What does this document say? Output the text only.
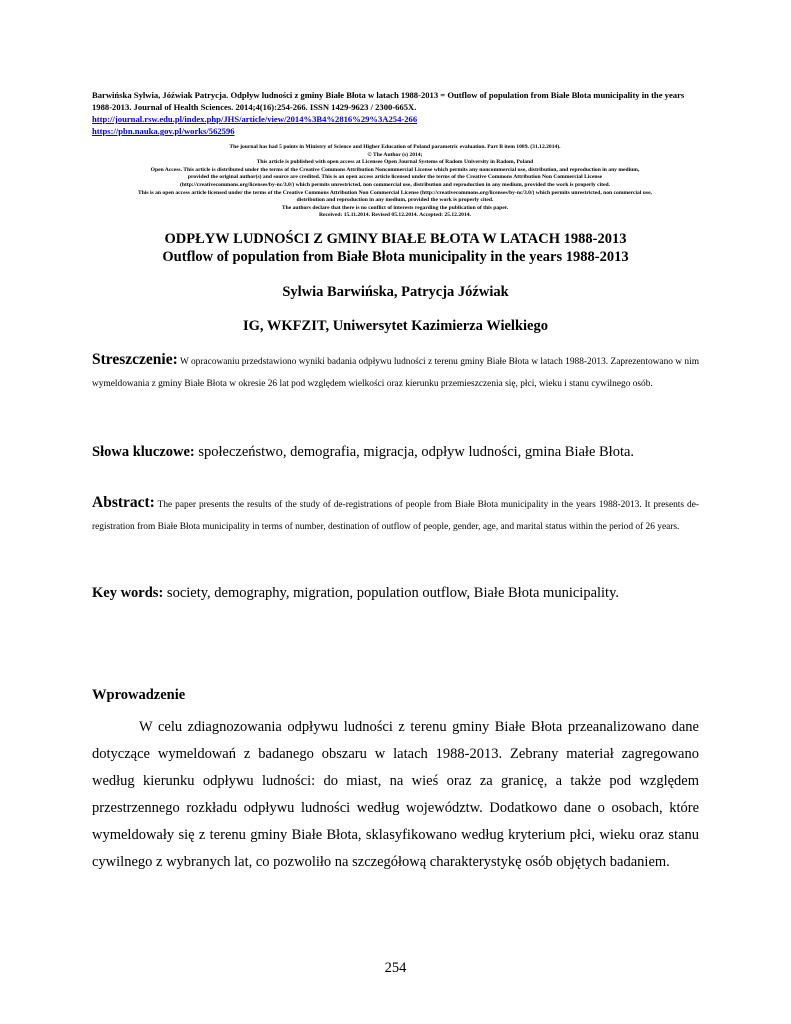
Barwińska Sylwia, Jóźwiak Patrycja. Odpływ ludności z gminy Białe Błota w latach 1988-2013 = Outflow of population from Białe Błota municipality in the years 1988-2013. Journal of Health Sciences. 2014;4(16):254-266. ISSN 1429-9623 / 2300-665X.
http://journal.rsw.edu.pl/index.php/JHS/article/view/2014%3B4%2816%29%3A254-266
https://pbn.nauka.gov.pl/works/562596
The journal has had 5 points in Ministry of Science and Higher Education of Poland parametric evaluation. Part B item 1089. (31.12.2014).
© The Author (s) 2014;
This article is published with open access at Licensee Open Journal Systems of Radom University in Radom, Poland
Open Access. This article is distributed under the terms of the Creative Commons Attribution Noncommercial License which permits any noncommercial use, distribution, and reproduction in any medium,
provided the original author(s) and source are credited. This is an open access article licensed under the terms of the Creative Commons Attribution Non Commercial License
(http://creativecommons.org/licenses/by-nc/3.0/) which permits unrestricted, non commercial use, distribution and reproduction in any medium, provided the work is properly cited.
This is an open access article licensed under the terms of the Creative Commons Attribution Non Commercial License (http://creativecommons.org/licenses/by-nc/3.0/) which permits unrestricted, non commercial use,
distribution and reproduction in any medium, provided the work is properly cited.
The authors declare that there is no conflict of interests regarding the publication of this paper.
Received: 15.11.2014. Revised 05.12.2014. Accepted: 25.12.2014.
ODPŁYW LUDNOŚCI Z GMINY BIAŁE BŁOTA W LATACH 1988-2013
Outflow of population from Białe Błota municipality in the years 1988-2013
Sylwia Barwińska, Patrycja Jóźwiak
IG, WKFZIT, Uniwersytet Kazimierza Wielkiego
Streszczenie: W opracowaniu przedstawiono wyniki badania odpływu ludności z terenu gminy Białe Błota w latach 1988-2013. Zaprezentowano w nim wymeldowania z gminy Białe Błota w okresie 26 lat pod względem wielkości oraz kierunku przemieszczenia się, płci, wieku i stanu cywilnego osób.
Słowa kluczowe: społeczeństwo, demografia, migracja, odpływ ludności, gmina Białe Błota.
Abstract: The paper presents the results of the study of de-registrations of people from Białe Błota municipality in the years 1988-2013. It presents de-registration from Białe Błota municipality in terms of number, destination of outflow of people, gender, age, and marital status within the period of 26 years.
Key words: society, demography, migration, population outflow, Białe Błota municipality.
Wprowadzenie
W celu zdiagnozowania odpływu ludności z terenu gminy Białe Błota przeanalizowano dane dotyczące wymeldowań z badanego obszaru w latach 1988-2013. Zebrany materiał zagregowano według kierunku odpływu ludności: do miast, na wieś oraz za granicę, a także pod względem przestrzennego rozkładu odpływu ludności według województw. Dodatkowo dane o osobach, które wymeldowały się z terenu gminy Białe Błota, sklasyfikowano według kryterium płci, wieku oraz stanu cywilnego z wybranych lat, co pozwoliło na szczegółową charakterystykę osób objętych badaniem.
254
